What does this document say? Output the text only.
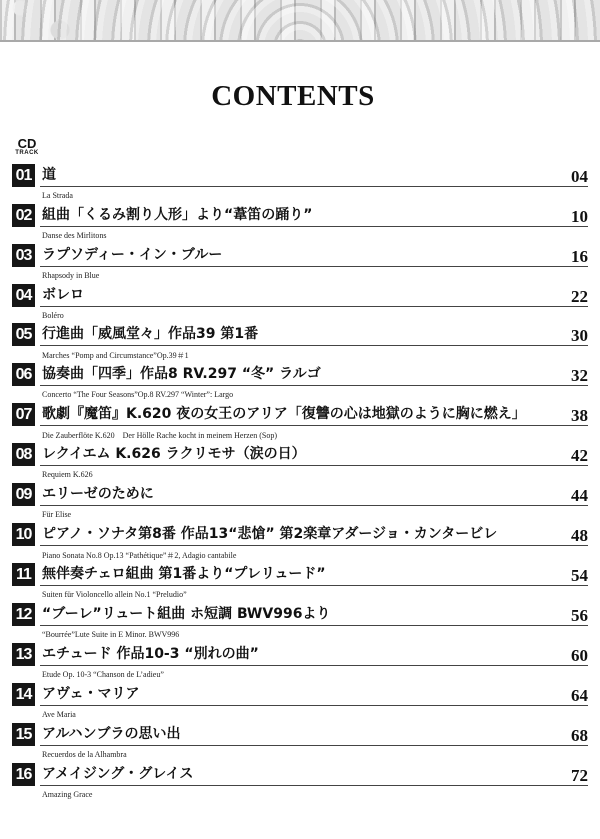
CONTENTS
CD
TRACK
01 道
La Strada
04
02 組曲「くるみ割り人形」より“葦笛の踊り”
Danse des Mirlitons
10
03 ラプソディー・イン・ブルー
Rhapsody in Blue
16
04 ボレロ
Boléro
22
05 行進曲「威風堂々」作品39 第1番
Marches “Pomp and Circumstance”Op.39＃1
30
06 協奏曲「四季」作品8 RV.297 “冬” ラルゴ
Concerto “The Four Seasons”Op.8 RV.297 “Winter”: Largo
32
07 歌劇『魔笛』K.620 夜の女王のアリア「復讐の心は地獄のように胸に燃え」
Die Zauberflöte K.620　Der Hölle Rache kocht in meinem Herzen (Sop)
38
08 レクイエム K.626 ラクリモサ（涙の日）
Requiem K.626
42
09 エリーゼのために
Für Elise
44
10 ピアノ・ソナタ第8番 作品13“悲愴” 第2楽章アダージョ・カンタービレ
Piano Sonata No.8 Op.13 “Pathétique”＃2, Adagio cantabile
48
11 無伴奏チェロ組曲 第1番より“プレリュード”
Suiten für Violoncello allein No.1 “Preludio”
54
12 “ブーレ”リュート組曲 ホ短調 BWV996より
“Bourrée”Lute Suite in E Minor. BWV996
56
13 エチュード 作品10-3 “別れの曲”
Etude Op. 10-3 “Chanson de L’adieu”
60
14 アヴェ・マリア
Ave Maria
64
15 アルハンブラの思い出
Recuerdos de la Alhambra
68
16 アメイジング・グレイス
Amazing Grace
72
